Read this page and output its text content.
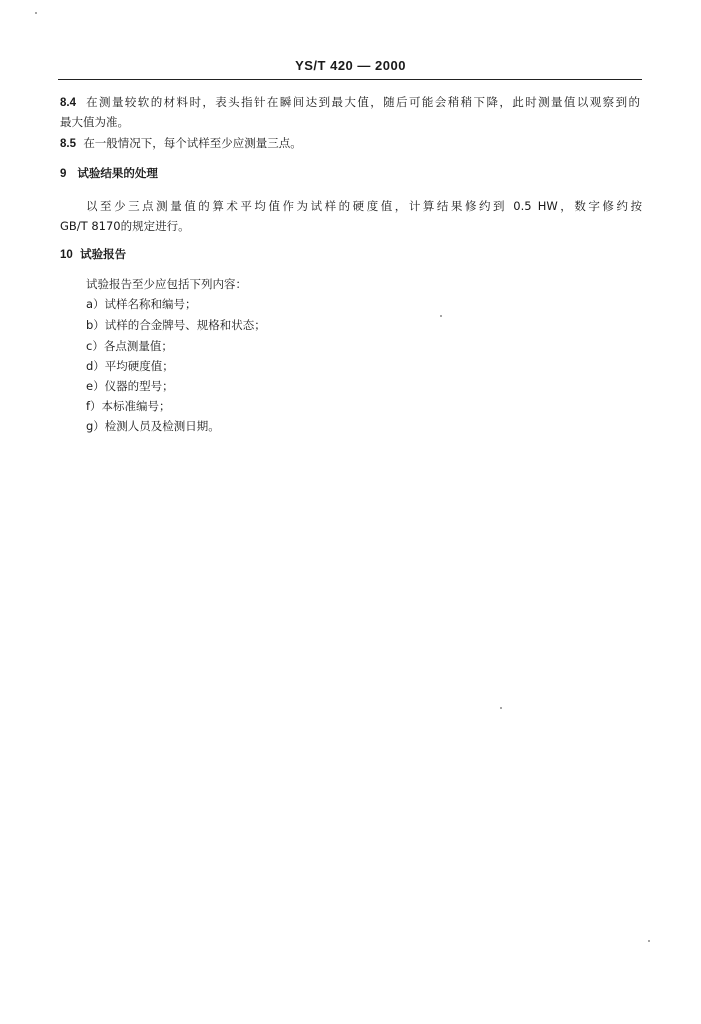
YS/T 420 — 2000
8.4 在测量较软的材料时，表头指针在瞬间达到最大值，随后可能会稍稍下降，此时测量值以观察到的
最大值为准。
8.5 在一般情况下，每个试样至少应测量三点。
9 试验结果的处理
以至少三点测量值的算术平均值作为试样的硬度值，计算结果修约到 0.5 HW，数字修约按
GB/T 8170的规定进行。
10 试验报告
试验报告至少应包括下列内容：
a）试样名称和编号；
b）试样的合金牌号、规格和状态；
c）各点测量值；
d）平均硬度值；
e）仪器的型号；
f）本标准编号；
g）检测人员及检测日期。
